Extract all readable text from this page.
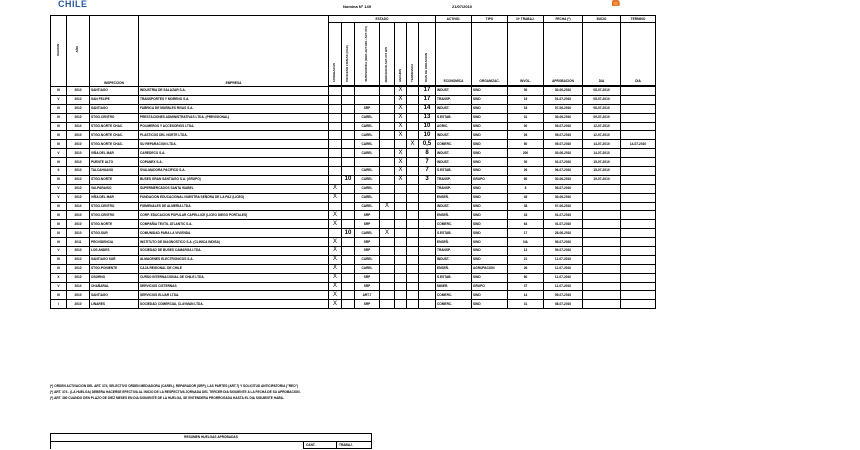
CHILE	Nomina Nº 149	21/07/2010
REGION	AÑO	INSPECCION	EMPRESA	ESTADO							ACTIVID.	TIPO	Nº TRABAJ.	FECHA (*)	INICIO	TERMINO
				APROBADAS	PROCESO FIRMAS (CGC)	SUSPENDIDA (ORD.ART.369 / ART.370)	MEDIACION ART.374 BIS	HECHOS	TERMINADA	DIAS DE DURACION	ECONOMICA	ORGANIZAC.	INVOL.	APROBACION	DIA	DIA
III	2010	SANTIAGO	INDUSTRIA DE SALAZAR S.A.					X		17	INDUST.	SIND	30	30-06-2010	05-07-2010	
V	2010	SAN FELIPE	TRANSPORTES Y MORENO S.A.					X		17	TRANSP.	SIND	15	01-07-2010	05-07-2010	
III	2010	SANTIAGO	FABRICA DE MUEBLES RIVAS S.A.			SRP		X		14	INDUST.	SIND	18	07-06-2010	08-07-2010	
III	2010	STGO.CENTRO	PRESTACIONES ADMINISTRATIVAS LTDA. (PREVISIONAL)			CAREL		X		13	S.ESTAB.	SIND	31	30-06-2010	09-07-2010	
III	2010	STGO.NORTE CHAC.	POLIMEROS Y ACCESORIOS LTDA.			CAREL		X		10	AGRIC.	SIND	30	05-07-2010	12-07-2010	
III	2010	STGO.NORTE CHAC.	PLASTICOS DEL NORTE LTDA.			CAREL		X		10	INDUST.	SIND	26	05-07-2010	12-07-2010	
III	2010	STGO.NORTE CHAC.	SU REPARACION LTDA.			CAREL			X	0,5	COMERC.	SIND	50	05-07-2010	14-07-2010	14-07-2010
V	2010	VIÑA DEL MAR	CAREDECO S.A.			CAREL		X		8	INDUST.	SIND	200	30-06-2010	14-07-2010	
III	2010	PUENTE ALTO	COPANEX S.A.					X		7	INDUST.	SIND	30	02-07-2010	15-07-2010	
II	2010	TALCAHUANO	SVALMADORA PACIFICO S.A.			CAREL		X		7	S.ESTAB.	SIND	26	06-07-2010	15-07-2010	
III	2010	STGO.NORTE	BUSES GRAN SANTIAGO S.A. (GRUPO)		10	CAREL		X		3	TRANSP.	GRUPO	60	30-06-2010	19-07-2010	
V	2010	VALPARAISO	SUPERMERCADOS SANTA ISABEL	X		CAREL					TRANSP.	SIND	8	05-07-2010		
V	2010	VIÑA DEL MAR	FUNDACION EDUCACIONAL NUESTRA SEÑORA DE LA PAZ (LICEO)	X		CAREL					ENSEÑ.	SIND	45	30-06-2010		
III	2010	STGO.CENTRO	FIGMENALES DE ALMERIA LTDA.			CAREL	X				INDUST.	SIND	38	07-06-2010		
III	2010	STGO.CENTRO	CORP. EDUCACION POPULAR CAPELLICE (LICEO DIEGO PORTALES)	X		SRP					ENSEÑ.	SIND	33	01-07-2010		
III	2010	STGO.NORTE	COMPAÑIA TEXTIL ATLANTIC S.A.	X		SRP					COMERC.	SIND	64	01-07-2010		
III	2010	STGO.SUR	COMUNIDAD PARA LA VIVIENDA		10	CAREL	X				S.ESTAB.	SIND	17	28-06-2010		
III	2011	PROVIDENCIA	INSTITUTO DE DIAGNOSTICO S.A. (CLINICA INDISA)	X		SRP					ENSEÑ.	SIND	NA	05-07-2010		
V	2010	LOS ANDES	SOCIEDAD DE BUSES CAMARGA LTDA.	X		SRP					TRANSP.	SIND	13	09-07-2010		
III	2010	SANTIAGO SUR	ALMACENES ELECTRONICOS S.A.	X		CAREL					INDUST.	SIND	21	11-07-2010		
III	2010	STGO.PONIENTE	CAJA REGIONAL DE CHILE	X		CAREL					ENSEÑ.	AGRUPACION	26	11-07-2010		
X	2010	OSORNO	CURSO INTERNACIONAL DE CHILE LTDA.	X		SRP					S.ESTAB.	SIND	80	11-07-2010		
V	2010	CHAÑARAL	SERVICIOS CISTERNAS	X		SRP					MINER.	GRUPO	37	11-07-2010		
III	2010	SANTIAGO	SERVICIOS ELUAR LTDA.	X		ART.7					COMERC.	SIND	14	09-07-2010		
I	2010	LINARES	SOCIEDAD COMERCIAL CLAYMAN LTDA.	X		SRP					COMERC.	SIND	31	08-07-2010		
(*) ORDEN ACTIVACION DEL ART. 374, SELECTIVO ORDEN MEDIADORA (CAREL), REPARADOR (SRP), LAS PARTES (ART.7) Y SOLICITUD ANTICIPATORIA ("REO")
(*) ART. 374 - (LA HUELGA) DEBERA HACERSE EFECTIVA AL INICIO DE LA RESPECTIVA JORNADA DEL TERCER DIA SIGUIENTE A LA FECHA DE SU APROBACION.
(*) ART. 380 CUANDO DEN PLAZO DE DIEZ MESES EN DIA SIGUIENTE DE LA HUELGA, SE ENTENDERA PRORROGADA HASTA EL DIA SIGUIENTE HABIL.
RESUMEN HUELGAS APROBADAS
	CANT.	TRABAJ.
